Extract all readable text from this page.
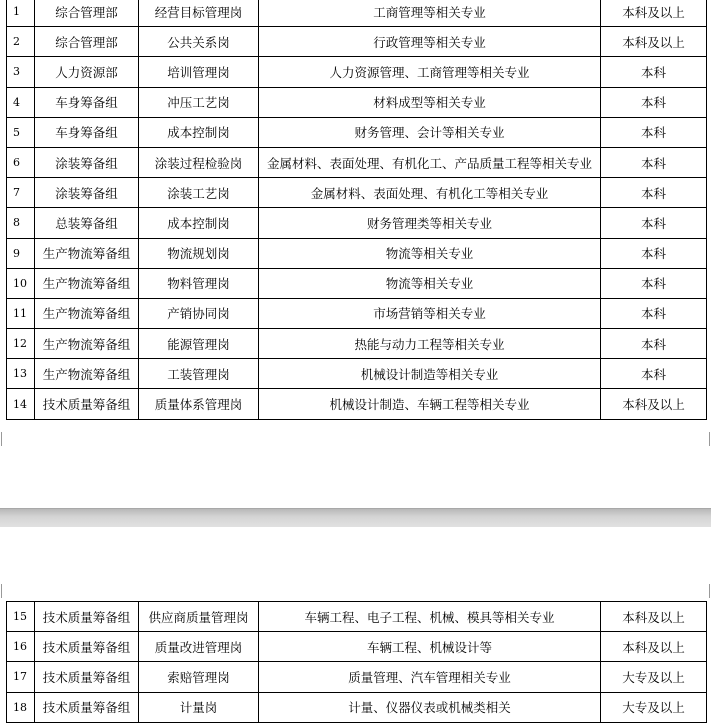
1	综合管理部	经营目标管理岗	工商管理等相关专业	本科及以上
2	综合管理部	公共关系岗	行政管理等相关专业	本科及以上
3	人力资源部	培训管理岗	人力资源管理、工商管理等相关专业	本科
4	车身筹备组	冲压工艺岗	材料成型等相关专业	本科
5	车身筹备组	成本控制岗	财务管理、会计等相关专业	本科
6	涂装筹备组	涂装过程检验岗	金属材料、表面处理、有机化工、产品质量工程等相关专业	本科
7	涂装筹备组	涂装工艺岗	金属材料、表面处理、有机化工等相关专业	本科
8	总装筹备组	成本控制岗	财务管理类等相关专业	本科
9	生产物流筹备组	物流规划岗	物流等相关专业	本科
10	生产物流筹备组	物料管理岗	物流等相关专业	本科
11	生产物流筹备组	产销协同岗	市场营销等相关专业	本科
12	生产物流筹备组	能源管理岗	热能与动力工程等相关专业	本科
13	生产物流筹备组	工装管理岗	机械设计制造等相关专业	本科
14	技术质量筹备组	质量体系管理岗	机械设计制造、车辆工程等相关专业	本科及以上
15	技术质量筹备组	供应商质量管理岗	车辆工程、电子工程、机械、模具等相关专业	本科及以上
16	技术质量筹备组	质量改进管理岗	车辆工程、机械设计等	本科及以上
17	技术质量筹备组	索赔管理岗	质量管理、汽车管理相关专业	大专及以上
18	技术质量筹备组	计量岗	计量、仪器仪表或机械类相关	大专及以上
